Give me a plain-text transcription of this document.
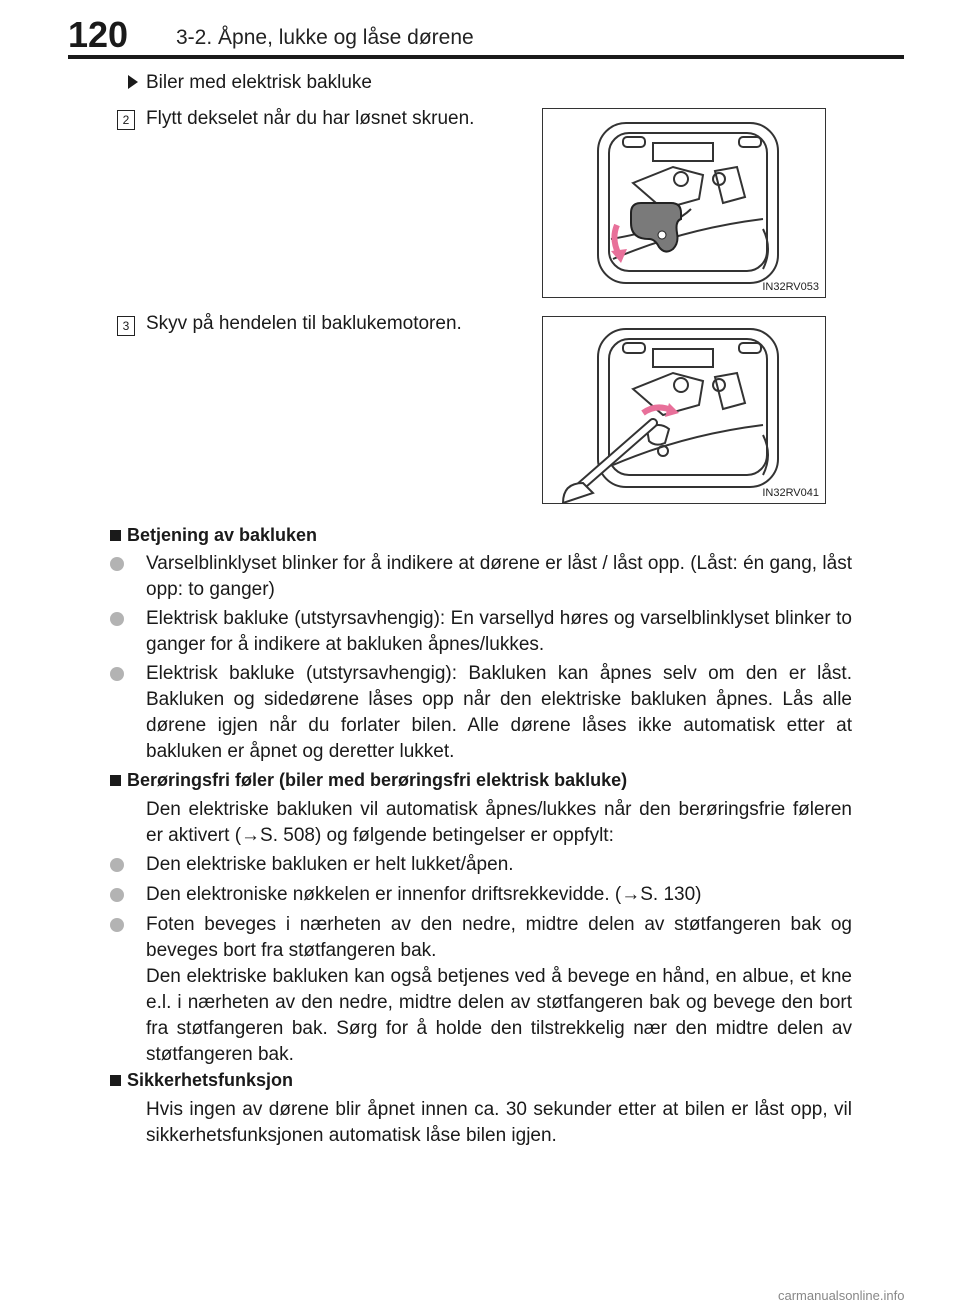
120 3-2. Åpne, lukke og låse dørene
Biler med elektrisk bakluke
2 Flytt dekselet når du har løsnet skruen.
IN32RV053
3 Skyv på hendelen til baklukemotoren.
IN32RV041
Betjening av bakluken
Varselblinklyset blinker for å indikere at dørene er låst / låst opp. (Låst: én gang, låst opp: to ganger)
Elektrisk bakluke (utstyrsavhengig): En varsellyd høres og varselblinklyset blinker to ganger for å indikere at bakluken åpnes/lukkes.
Elektrisk bakluke (utstyrsavhengig): Bakluken kan åpnes selv om den er låst. Bakluken og sidedørene låses opp når den elektriske bakluken åpnes. Lås alle dørene igjen når du forlater bilen. Alle dørene låses ikke automatisk etter at bakluken er åpnet og deretter lukket.
Berøringsfri føler (biler med berøringsfri elektrisk bakluke)
Den elektriske bakluken vil automatisk åpnes/lukkes når den berøringsfrie føleren er aktivert (→S. 508) og følgende betingelser er oppfylt:
Den elektriske bakluken er helt lukket/åpen.
Den elektroniske nøkkelen er innenfor driftsrekkevidde. (→S. 130)

Foten beveges i nærheten av den nedre, midtre delen av støtfangeren bak og beveges bort fra støtfangeren bak.

Den elektriske bakluken kan også betjenes ved å bevege en hånd, en albue, et kne e.l. i nærheten av den nedre, midtre delen av støtfangeren bak og bevege den bort fra støtfangeren bak. Sørg for å holde den tilstrekkelig nær den midtre delen av støtfangeren bak.

Sikkerhetsfunksjon
Hvis ingen av dørene blir åpnet innen ca. 30 sekunder etter at bilen er låst opp, vil sikkerhetsfunksjonen automatisk låse bilen igjen.
carmanualsonline.info
